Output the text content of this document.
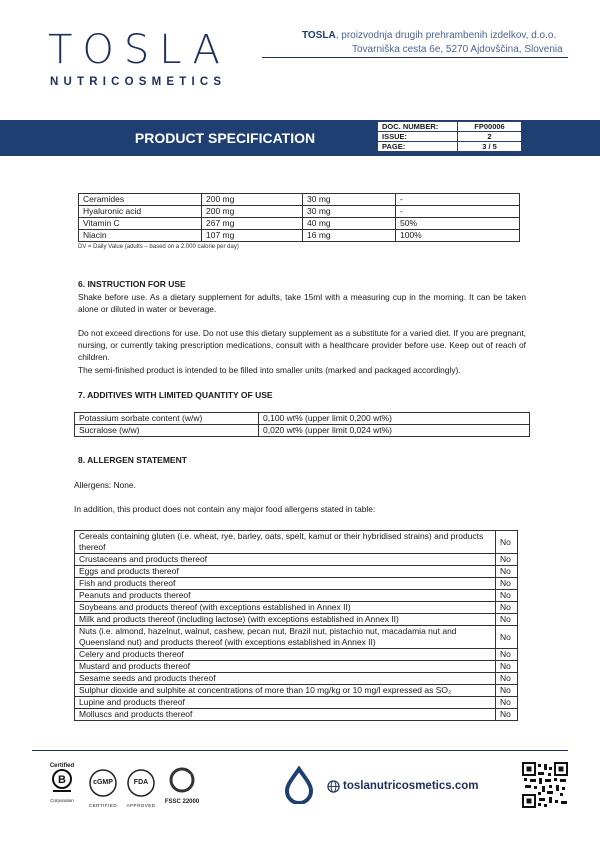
TOSLA
NUTRICOSMETICS
TOSLA, proizvodnja drugih prehrambenih izdelkov, d.o.o.
Tovarniška cesta 6e, 5270 Ajdovščina, Slovenia
PRODUCT SPECIFICATION
DOC. NUMBER:	FP00006
ISSUE:	2
PAGE:	3 / 5
Ceramides	200 mg	30 mg	-
Hyaluronic acid	200 mg	30 mg	-
Vitamin C	267 mg	40 mg	50%
Niacin	107 mg	16 mg	100%
DV = Daily Value (adults – based on a 2.000 calorie per day)
6. INSTRUCTION FOR USE
Shake before use. As a dietary supplement for adults, take 15ml with a measuring cup in the morning. It can be taken alone or diluted in water or beverage.
Do not exceed directions for use. Do not use this dietary supplement as a substitute for a varied diet. If you are pregnant, nursing, or currently taking prescription medications, consult with a healthcare provider before use. Keep out of reach of children.
The semi-finished product is intended to be filled into smaller units (marked and packaged accordingly).
7. ADDITIVES WITH LIMITED QUANTITY OF USE
Potassium sorbate content (w/w)	0,100 wt% (upper limit 0,200 wt%)
Sucralose (w/w)	0,020 wt% (upper limit 0,024 wt%)
8. ALLERGEN STATEMENT
Allergens: None.
In addition, this product does not contain any major food allergens stated in table:
Cereals containing gluten (i.e. wheat, rye, barley, oats, spelt, kamut or their hybridised strains) and products thereof	No
Crustaceans and products thereof	No
Eggs and products thereof	No
Fish and products thereof	No
Peanuts and products thereof	No
Soybeans and products thereof (with exceptions established in Annex II)	No
Milk and products thereof (including lactose) (with exceptions established in Annex II)	No
Nuts (i.e. almond, hazelnut, walnut, cashew, pecan nut, Brazil nut, pistachio nut, macadamia nut and Queensland nut) and products thereof (with exceptions established in Annex II)	No
Celery and products thereof	No
Mustard and products thereof	No
Sesame seeds and products thereof	No
Sulphur dioxide and sulphite at concentrations of more than 10 mg/kg or 10 mg/l expressed as SO₂	No
Lupine and products thereof	No
Molluscs and products thereof	No
Certified
B
Corporation
cGMP
CERTIFIED
FDA
APPROVED
FSSC 22000
toslanutricosmetics.com
